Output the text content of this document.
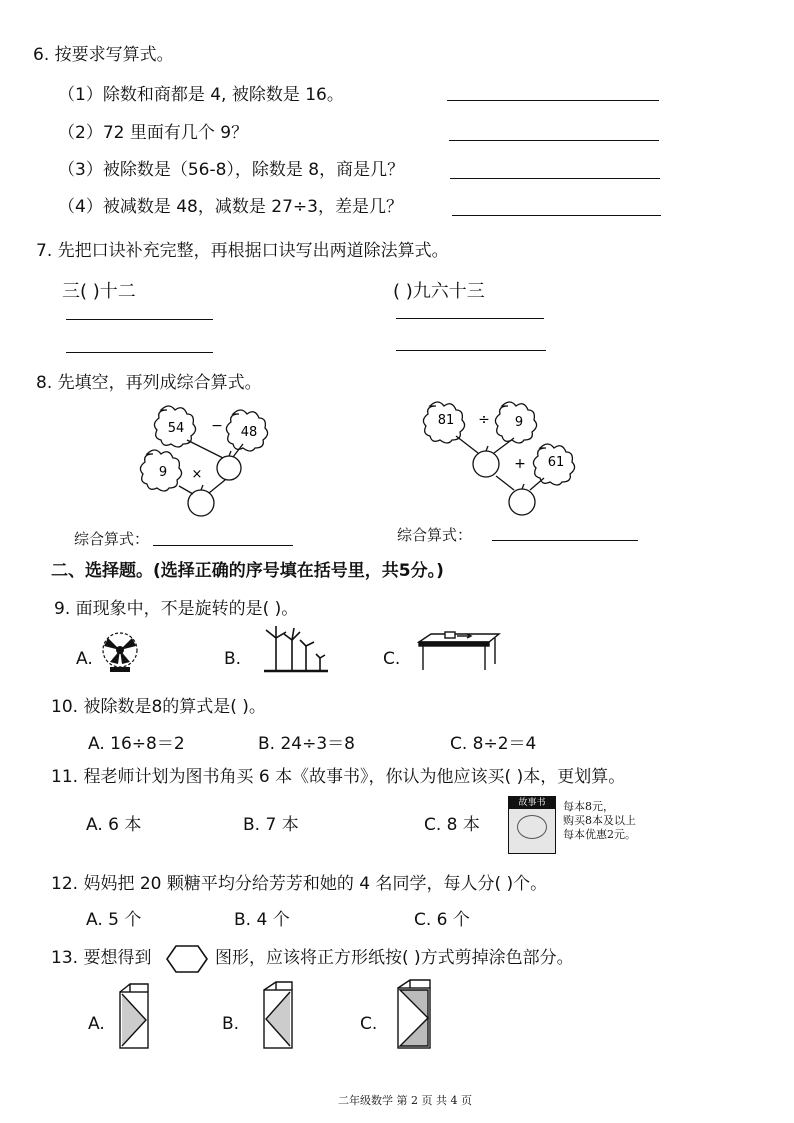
6. 按要求写算式。
（1）除数和商都是 4, 被除数是 16。
（2）72 里面有几个 9？
（3）被除数是（56-8），除数是 8，商是几？
（4）被减数是 48，减数是 27÷3，差是几？
7. 先把口诀补充完整，再根据口诀写出两道除法算式。
三( )十二	( )九六十三
8. 先填空，再列成综合算式。
54 − 48
9 ×
81 ÷ 9
+ 61
综合算式：	综合算式：
二、选择题。(选择正确的序号填在括号里，共5分。)
9. 面现象中，不是旋转的是( )。
A.	B.	C.
10. 被除数是8的算式是( )。
A. 16÷8＝2	B. 24÷3＝8	C. 8÷2＝4
11. 程老师计划为图书角买 6 本《故事书》，你认为他应该买( )本，更划算。
A. 6 本	B. 7 本	C. 8 本
故事书	每本8元，
购买8本及以上
每本优惠2元。
12. 妈妈把 20 颗糖平均分给芳芳和她的 4 名同学，每人分( )个。
A. 5 个	B. 4 个	C. 6 个
13. 要想得到	图形，应该将正方形纸按( )方式剪掉涂色部分。
A.	B.	C.
二年级数学 第 2 页 共 4 页
